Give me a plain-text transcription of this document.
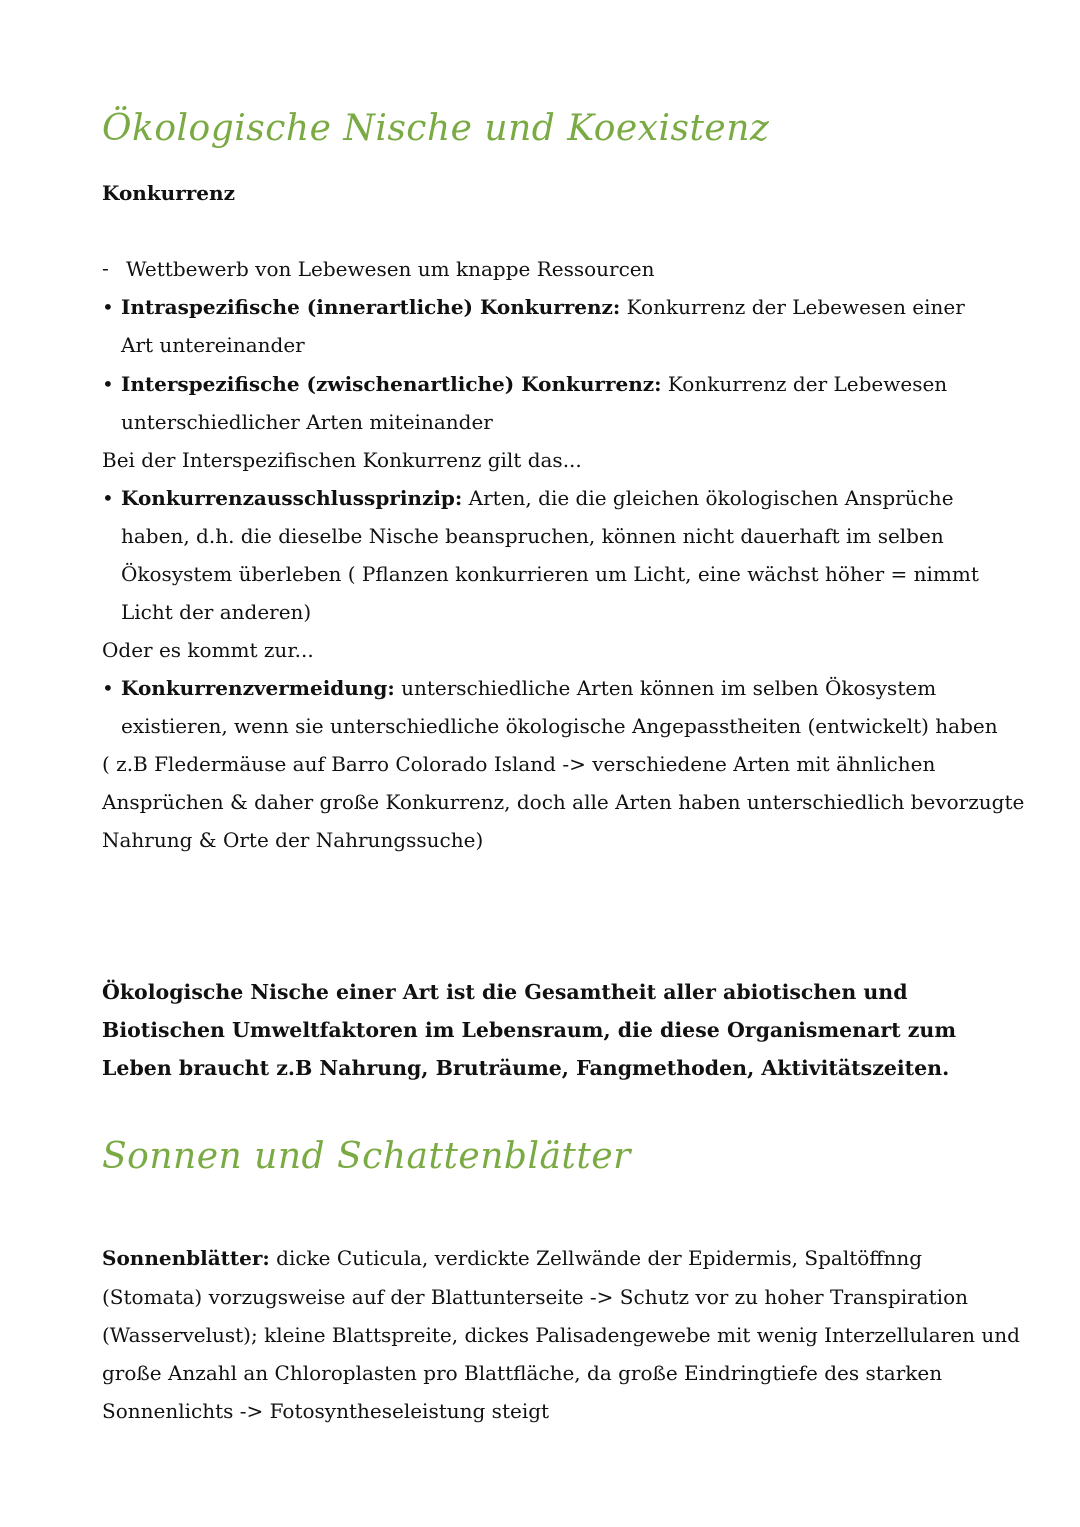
Ökologische Nische und Koexistenz
Konkurrenz
- Wettbewerb von Lebewesen um knappe Ressourcen
• Intraspezifische (innerartliche) Konkurrenz: Konkurrenz der Lebewesen einer
Art untereinander
• Interspezifische (zwischenartliche) Konkurrenz: Konkurrenz der Lebewesen
unterschiedlicher Arten miteinander
Bei der Interspezifischen Konkurrenz gilt das...
• Konkurrenzausschlussprinzip: Arten, die die gleichen ökologischen Ansprüche
haben, d.h. die dieselbe Nische beanspruchen, können nicht dauerhaft im selben
Ökosystem überleben ( Pflanzen konkurrieren um Licht, eine wächst höher = nimmt
Licht der anderen)
Oder es kommt zur...
• Konkurrenzvermeidung: unterschiedliche Arten können im selben Ökosystem
existieren, wenn sie unterschiedliche ökologische Angepasstheiten (entwickelt) haben
( z.B Fledermäuse auf Barro Colorado Island -> verschiedene Arten mit ähnlichen
Ansprüchen & daher große Konkurrenz, doch alle Arten haben unterschiedlich bevorzugte
Nahrung & Orte der Nahrungssuche)
Ökologische Nische einer Art ist die Gesamtheit aller abiotischen und
Biotischen Umweltfaktoren im Lebensraum, die diese Organismenart zum
Leben braucht z.B Nahrung, Bruträume, Fangmethoden, Aktivitätszeiten.
Sonnen und Schattenblätter
Sonnenblätter: dicke Cuticula, verdickte Zellwände der Epidermis, Spaltöffnng
(Stomata) vorzugsweise auf der Blattunterseite -> Schutz vor zu hoher Transpiration
(Wasservelust); kleine Blattspreite, dickes Palisadengewebe mit wenig Interzellularen und
große Anzahl an Chloroplasten pro Blattfläche, da große Eindringtiefe des starken
Sonnenlichts -> Fotosyntheseleistung steigt
